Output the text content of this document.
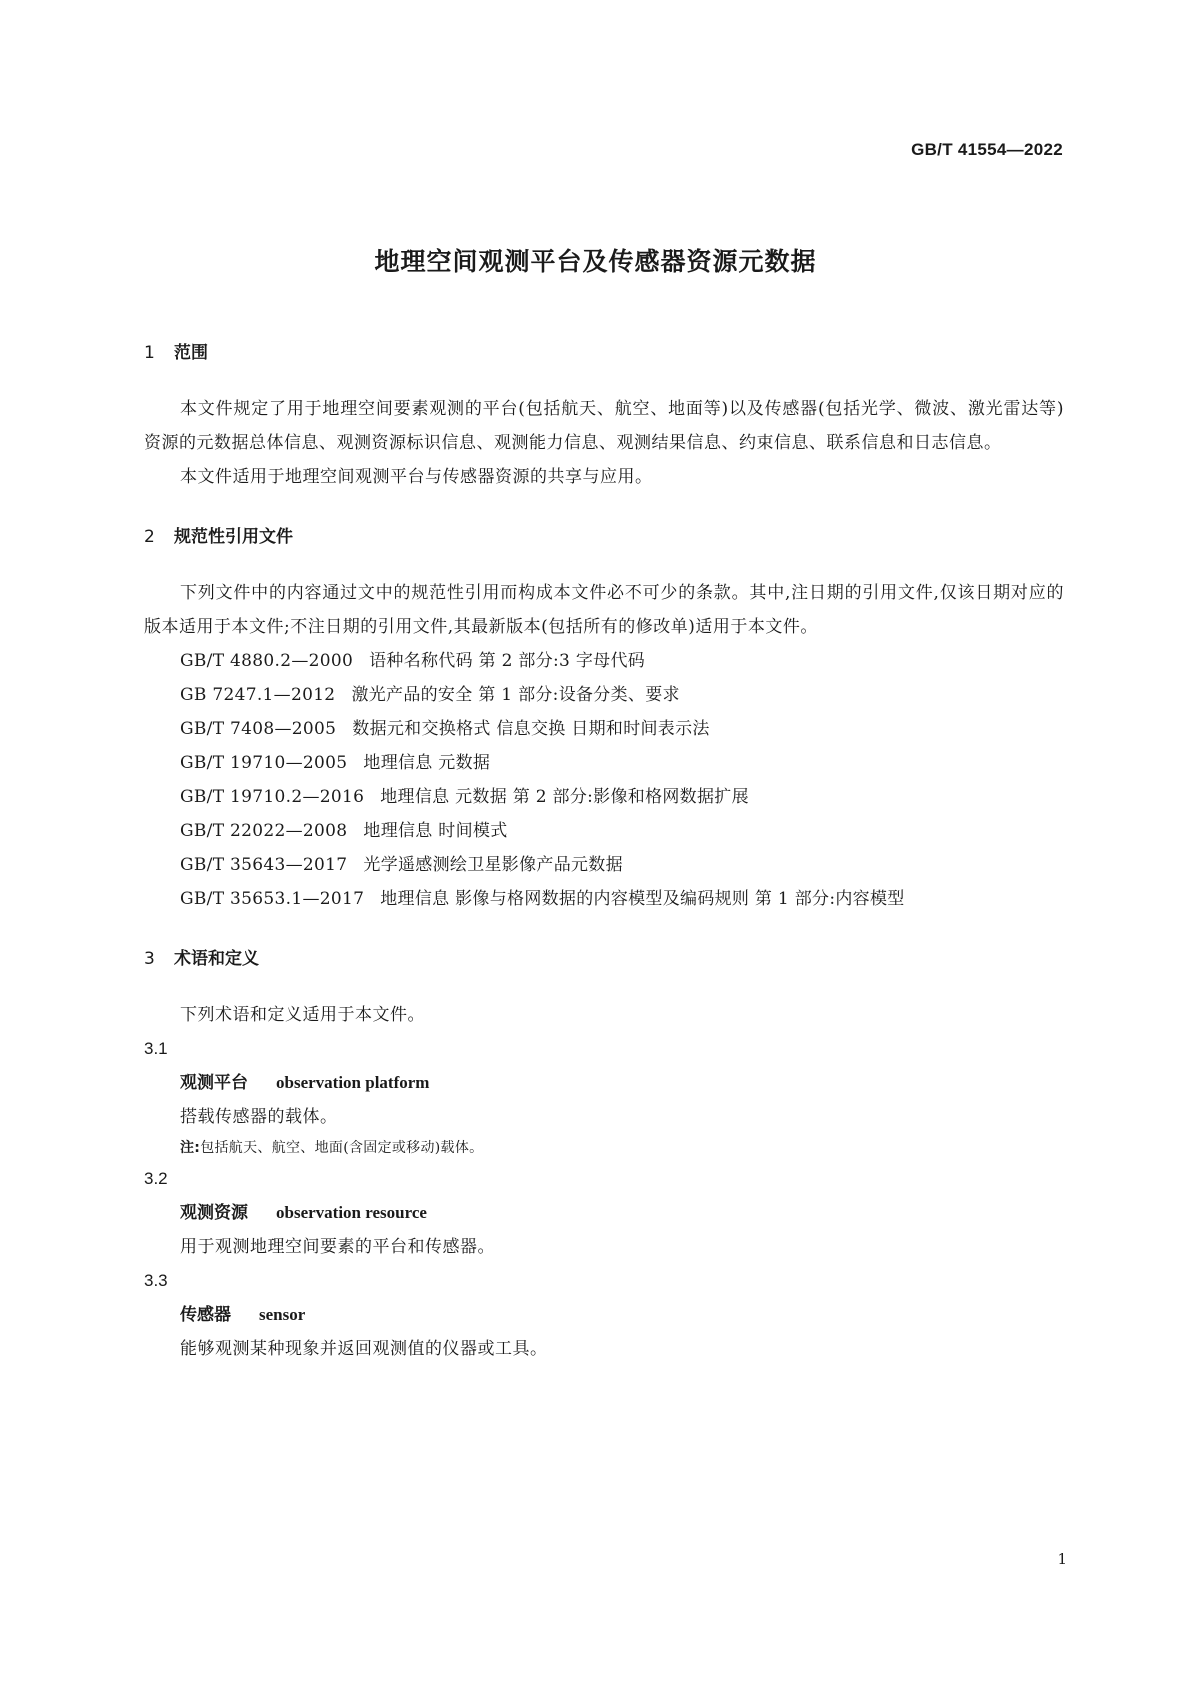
GB/T 41554—2022
地理空间观测平台及传感器资源元数据
1 范围

本文件规定了用于地理空间要素观测的平台(包括航天、航空、地面等)以及传感器(包括光学、微波、激光雷达等)资源的元数据总体信息、观测资源标识信息、观测能力信息、观测结果信息、约束信息、联系信息和日志信息。

本文件适用于地理空间观测平台与传感器资源的共享与应用。

2 规范性引用文件

下列文件中的内容通过文中的规范性引用而构成本文件必不可少的条款。其中,注日期的引用文件,仅该日期对应的版本适用于本文件;不注日期的引用文件,其最新版本(包括所有的修改单)适用于本文件。

GB/T 4880.2—2000 语种名称代码 第 2 部分:3 字母代码
GB 7247.1—2012 激光产品的安全 第 1 部分:设备分类、要求
GB/T 7408—2005 数据元和交换格式 信息交换 日期和时间表示法
GB/T 19710—2005 地理信息 元数据
GB/T 19710.2—2016 地理信息 元数据 第 2 部分:影像和格网数据扩展
GB/T 22022—2008 地理信息 时间模式
GB/T 35643—2017 光学遥感测绘卫星影像产品元数据
GB/T 35653.1—2017 地理信息 影像与格网数据的内容模型及编码规则 第 1 部分:内容模型
3 术语和定义

下列术语和定义适用于本文件。

3.1
观测平台 observation platform
搭载传感器的载体。
注:包括航天、航空、地面(含固定或移动)载体。
3.2
观测资源 observation resource
用于观测地理空间要素的平台和传感器。
3.3
传感器 sensor
能够观测某种现象并返回观测值的仪器或工具。
1
